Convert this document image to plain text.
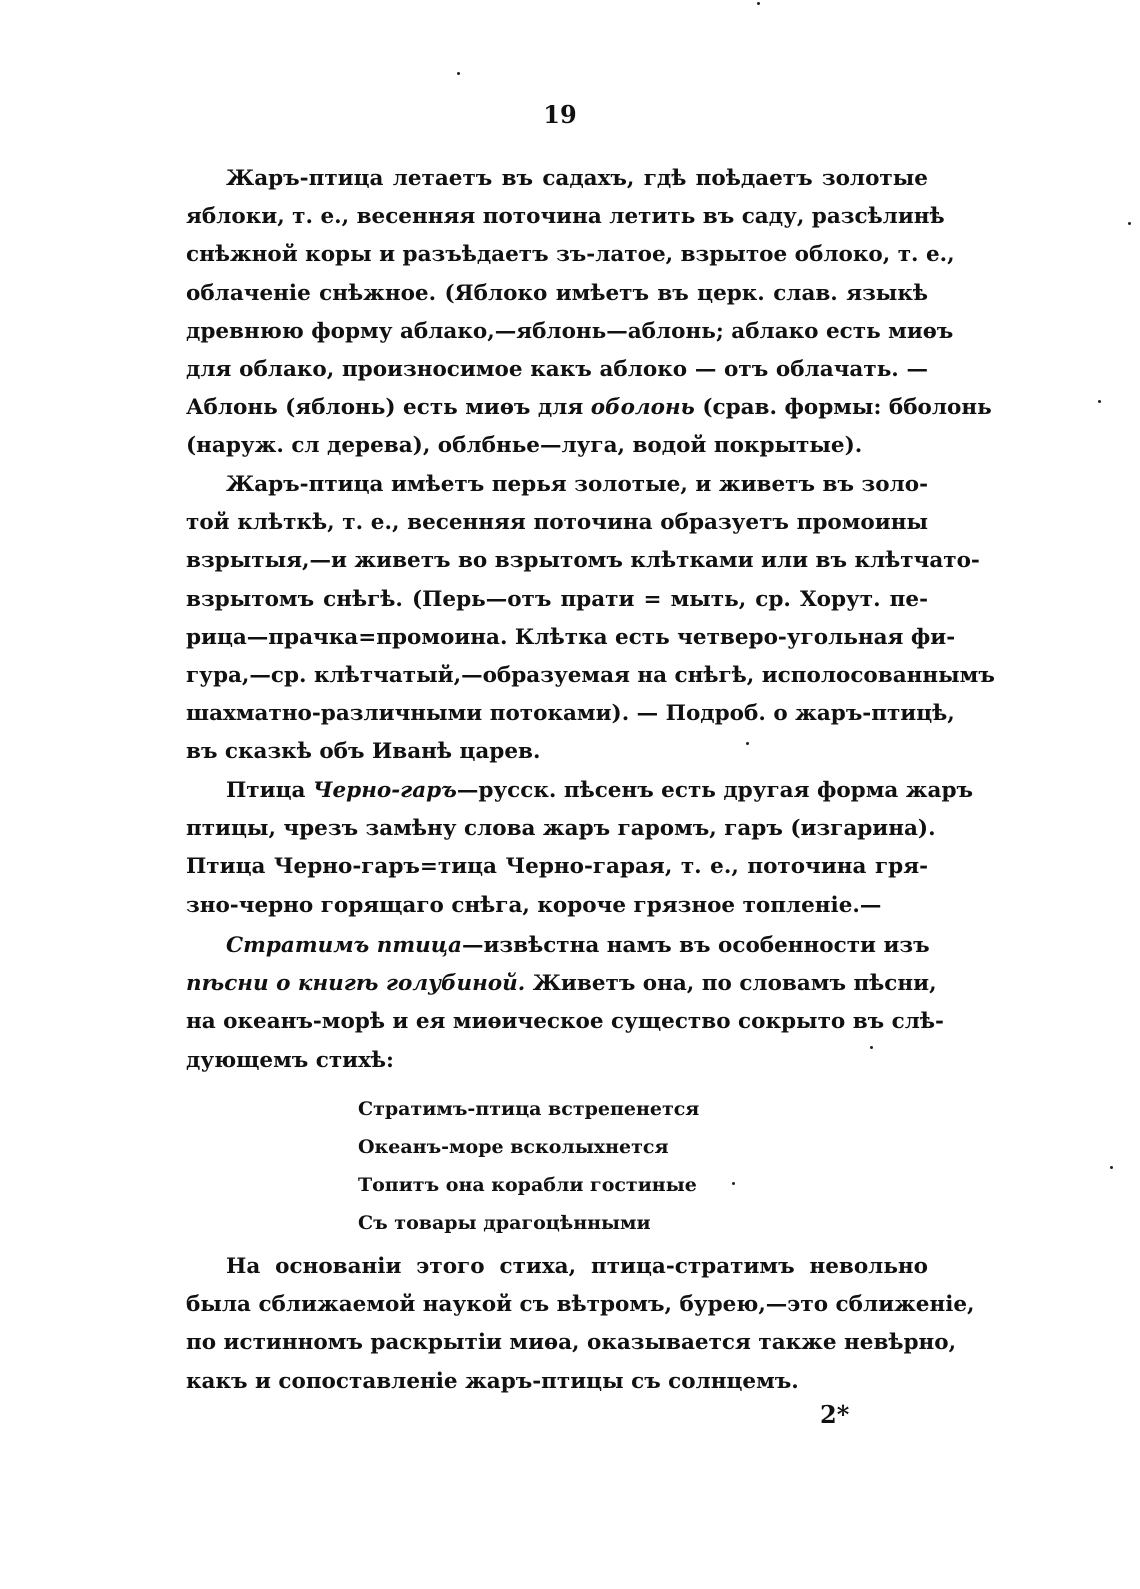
19
Жаръ-птица летаетъ въ садахъ, гдѣ поѣдаетъ золотые
яблоки, т. е., весенняя поточина летить въ саду, разсѣлинѣ
снѣжной коры и разъѣдаетъ зъ-латое, взрытое облоко, т. е.,
облаченіе снѣжное. (Яблоко имѣетъ въ церк. слав. языкѣ
древнюю форму аблако,—яблонь—аблонь; аблако есть миѳъ
для облако, произносимое какъ аблоко — отъ облачать. —
Аблонь (яблонь) есть миѳъ для оболонь (срав. формы: ббoлонь
(наруж. сл дерева), облбнье—луга, водой покрытые).
Жаръ-птица имѣетъ перья золотые, и живетъ въ золо-
той клѣткѣ, т. е., весенняя поточина образуетъ промоины
взрытыя,—и живетъ во взрытомъ клѣтками или въ клѣтчато-
взрытомъ снѣгѣ. (Перь—отъ прати = мыть, ср. Хорут. пе-
рица—прачка=промоина. Клѣтка есть четверо-угольная фи-
гура,—ср. клѣтчатый,—образуемая на снѣгѣ, исполосованнымъ
шахматно-различными потоками). — Подроб. о жаръ-птицѣ,
въ сказкѣ объ Иванѣ царев.
Птица Черно-гаръ—русск. пѣсенъ есть другая форма жаръ
птицы, чрезъ замѣну слова жаръ гаромъ, гаръ (изгарина).
Птица Черно-гаръ=тица Черно-гарая, т. е., поточина гря-
зно-черно горящаго снѣга, короче грязное топленіе.—
Стратимъ птица—извѣстна намъ въ особенности изъ
пѣсни о книгѣ голубиной. Живетъ она, по словамъ пѣсни,
на океанъ-морѣ и ея миѳическое существо сокрыто въ слѣ-
дующемъ стихѣ:
Стратимъ-птица встрепенется
Океанъ-море всколыхнется
Топитъ она корабли гостиные
Съ товары драгоцѣнными
На основаніи этого стиха, птица-стратимъ невольно
была сближаемой наукой съ вѣтромъ, бурею,—это сближеніе,
по истинномъ раскрытіи миѳа, оказывается также невѣрно,
какъ и сопоставленіе жаръ-птицы съ солнцемъ.
2*
